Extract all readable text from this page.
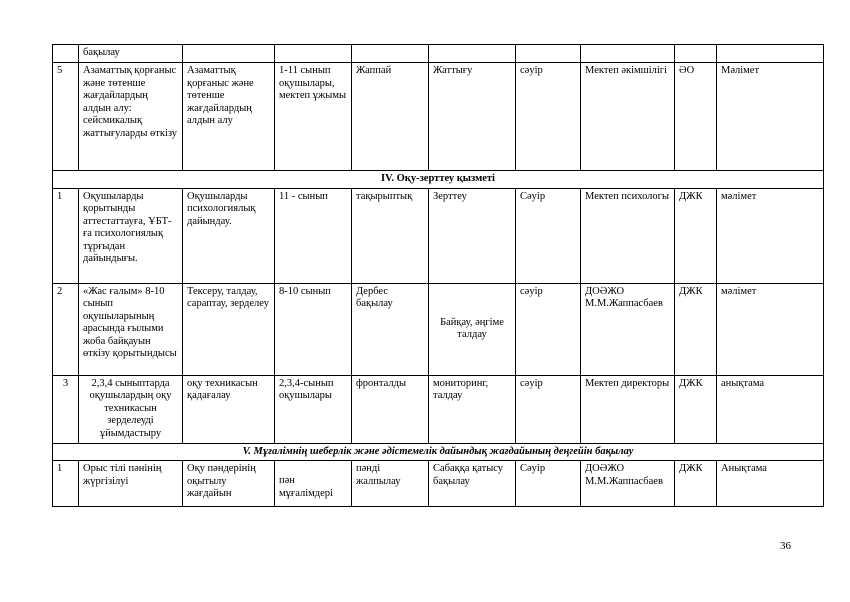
	бақылау								
5	Азаматтық қорғаныс және төтенше жағдайлардың алдын алу: сейсмикалық жаттығуларды өткізу	Азаматтық қорғаныс және төтенше жағдайлардың алдын алу	1-11 сынып оқушылары, мектеп ұжымы	Жаппай	Жаттығу	сәуір	Мектеп әкімшілігі	ӘО	Мәлімет
IV. Оқу-зерттеу қызметі									
1	Оқушыларды қорытынды аттестаттауға, ҰБТ-ға психологиялық тұрғыдан дайындығы.	Оқушыларды психологиялық дайындау.	11 - сынып	тақырыптық	Зерттеу	Сәуір	Мектеп психологы	ДЖК	мәлімет
2	«Жас ғалым» 8-10 сынып оқушыларының арасында ғылыми жоба байқауын өткізу қорытындысы	Тексеру, талдау, сараптау, зерделеу	8-10 сынып	Дербес бақылау	Байқау, әңгіме талдау	сәуір	ДОӘЖО М.М.Жаппасбаев	ДЖК	мәлімет
3	2,3,4 сыныптарда оқушылардың оқу техникасын зерделеуді ұйымдастыру	оқу техникасын қадағалау	2,3,4-сынып оқушылары	фронталды	мониторинг, талдау	сәуір	Мектеп директоры	ДЖК	анықтама
V. Мұғалімнің шеберлік және әдістемелік дайындық жағдайының деңгейін бақылау									
1	Орыс тілі пәнінің жүргізілуі	Оқу пәндерінің оқытылу жағдайын	пән мұғалімдері	пәнді жалпылау	Сабаққа қатысу бақылау	Сәуір	ДОӘЖО М.М.Жаппасбаев	ДЖК	Анықтама
36
